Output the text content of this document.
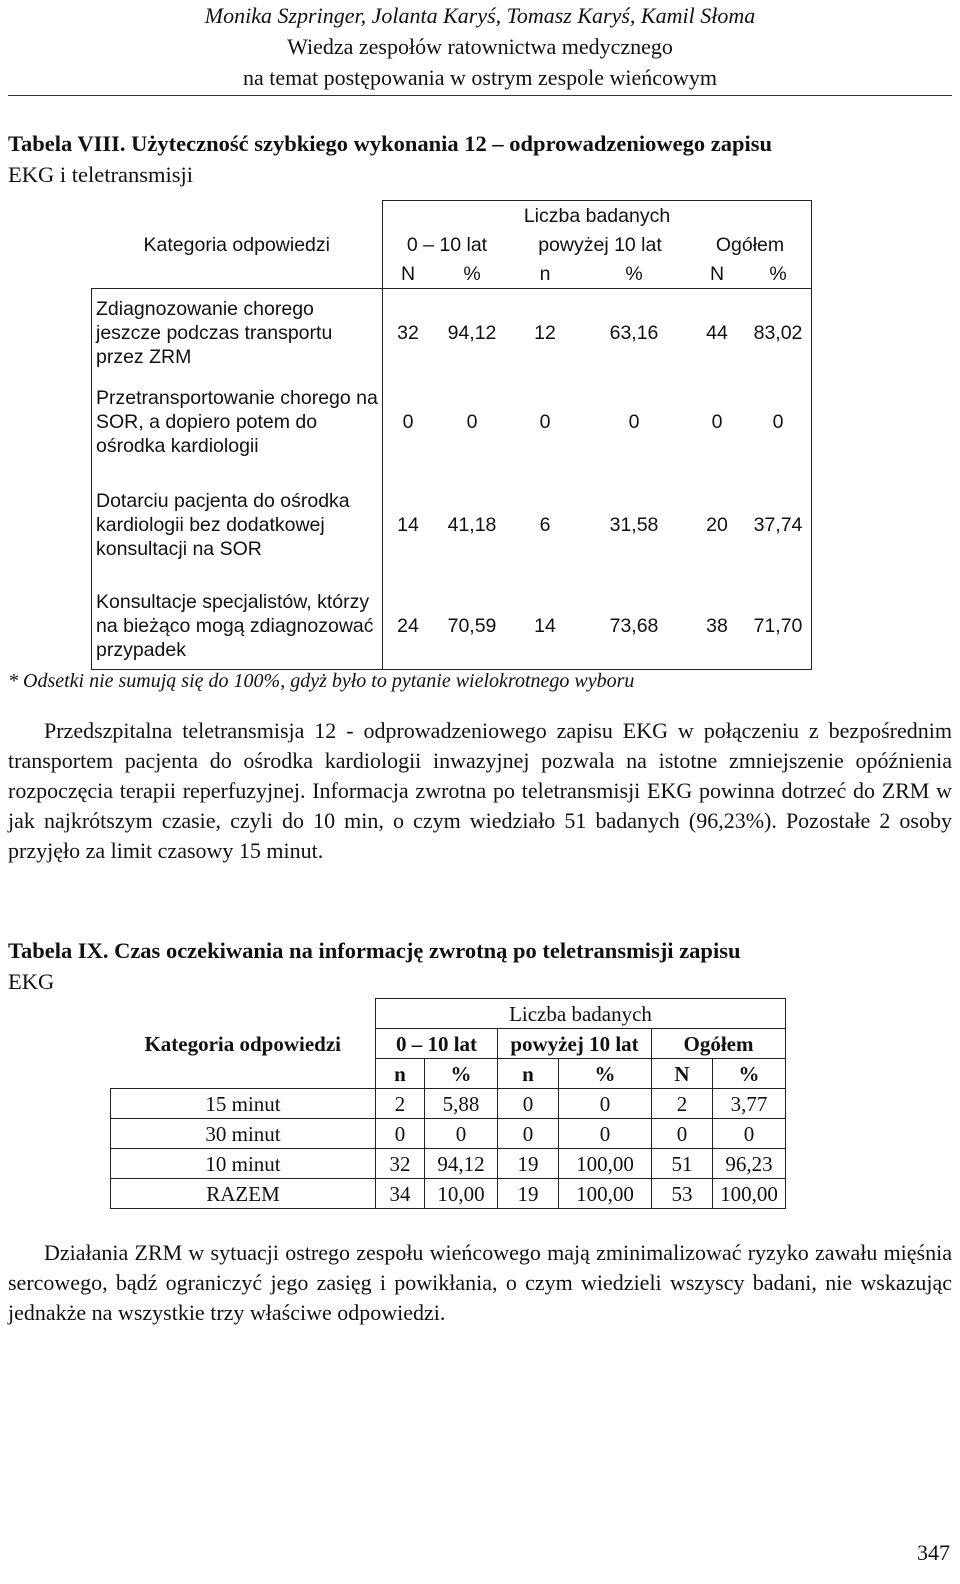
Monika Szpringer, Jolanta Karyś, Tomasz Karyś, Kamil Słoma
Wiedza zespołów ratownictwa medycznego
na temat postępowania w ostrym zespole wieńcowym
Tabela VIII. Użyteczność szybkiego wykonania 12 – odprowadzeniowego zapisu
EKG i teletransmisji
	Liczba badanych					
Kategoria odpowiedzi	0 – 10 lat		powyżej 10 lat		Ogółem	
	N	%	n	%	N	%
Zdiagnozowanie chorego jeszcze podczas transportu przez ZRM	32	94,12	12	63,16	44	83,02
Przetransportowanie chorego na SOR, a dopiero potem do ośrodka kardiologii	0	0	0	0	0	0
Dotarciu pacjenta do ośrodka kardiologii bez dodatkowej konsultacji na SOR	14	41,18	6	31,58	20	37,74
Konsultacje specjalistów, którzy na bieżąco mogą zdiagnozować przypadek	24	70,59	14	73,68	38	71,70
* Odsetki nie sumują się do 100%, gdyż było to pytanie wielokrotnego wyboru
Przedszpitalna teletransmisja 12 - odprowadzeniowego zapisu EKG w połączeniu z bezpośrednim transportem pacjenta do ośrodka kardiologii inwazyjnej pozwala na istotne zmniejszenie opóźnienia rozpoczęcia terapii reperfuzyjnej. Informacja zwrotna po teletransmisji EKG powinna dotrzeć do ZRM w jak najkrótszym czasie, czyli do 10 min, o czym wiedziało 51 badanych (96,23%). Pozostałe 2 osoby przyjęło za limit czasowy 15 minut.
Tabela IX. Czas oczekiwania na informację zwrotną po teletransmisji zapisu
EKG
	Liczba badanych					
Kategoria odpowiedzi	0 – 10 lat		powyżej 10 lat		Ogółem	
	n	%	n	%	N	%
15 minut	2	5,88	0	0	2	3,77
30 minut	0	0	0	0	0	0
10 minut	32	94,12	19	100,00	51	96,23
RAZEM	34	10,00	19	100,00	53	100,00
Działania ZRM w sytuacji ostrego zespołu wieńcowego mają zminimalizować ryzyko zawału mięśnia sercowego, bądź ograniczyć jego zasięg i powikłania, o czym wiedzieli wszyscy badani, nie wskazując jednakże na wszystkie trzy właściwe odpowiedzi.
347
